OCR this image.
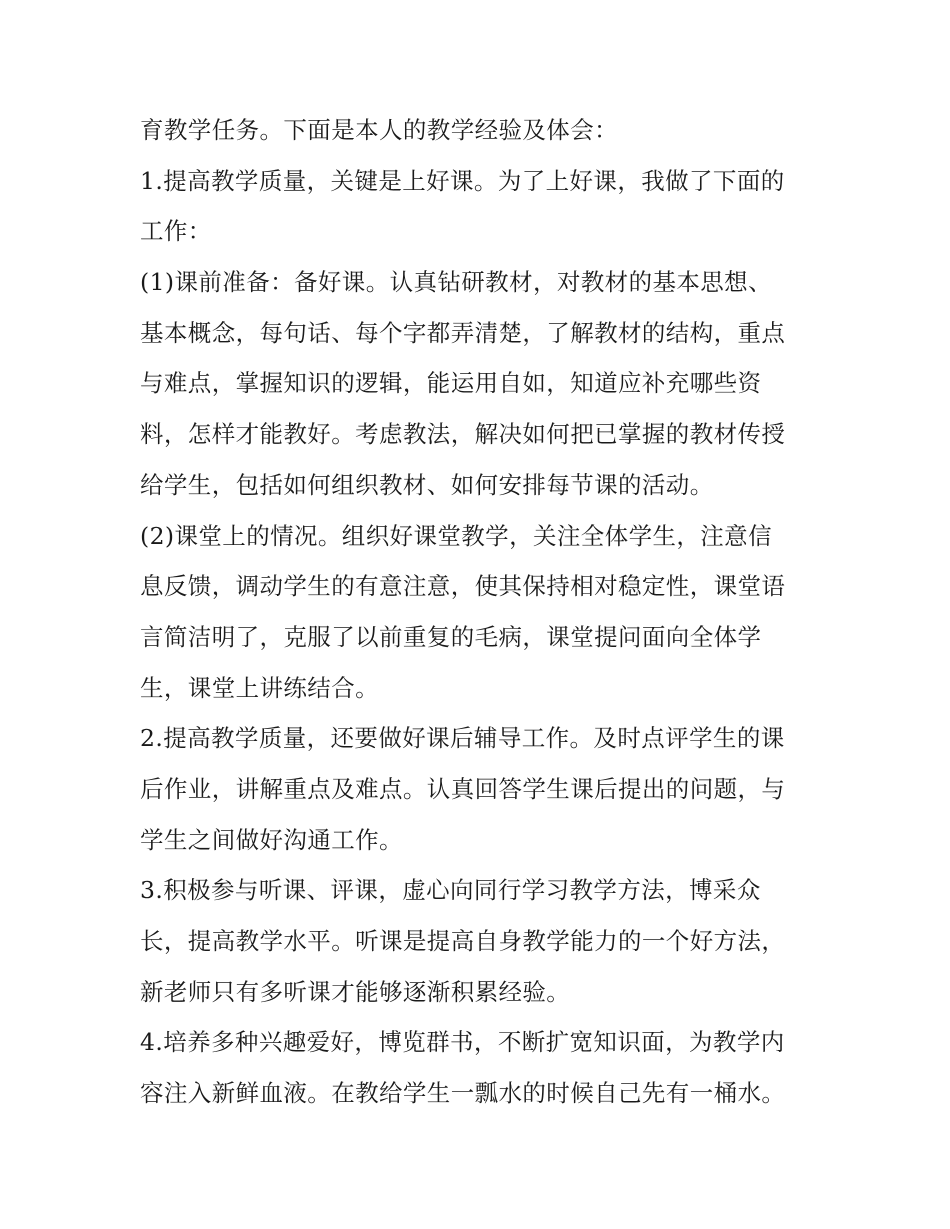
育教学任务。下面是本人的教学经验及体会：
1.提高教学质量，关键是上好课。为了上好课，我做了下面的
工作：
(1)课前准备：备好课。认真钻研教材，对教材的基本思想、
基本概念，每句话、每个字都弄清楚，了解教材的结构，重点
与难点，掌握知识的逻辑，能运用自如，知道应补充哪些资
料，怎样才能教好。考虑教法，解决如何把已掌握的教材传授
给学生，包括如何组织教材、如何安排每节课的活动。
(2)课堂上的情况。组织好课堂教学，关注全体学生，注意信
息反馈，调动学生的有意注意，使其保持相对稳定性，课堂语
言简洁明了，克服了以前重复的毛病，课堂提问面向全体学
生，课堂上讲练结合。
2.提高教学质量，还要做好课后辅导工作。及时点评学生的课
后作业，讲解重点及难点。认真回答学生课后提出的问题，与
学生之间做好沟通工作。
3.积极参与听课、评课，虚心向同行学习教学方法，博采众
长，提高教学水平。听课是提高自身教学能力的一个好方法，
新老师只有多听课才能够逐渐积累经验。
4.培养多种兴趣爱好，博览群书，不断扩宽知识面，为教学内
容注入新鲜血液。在教给学生一瓢水的时候自己先有一桶水。
